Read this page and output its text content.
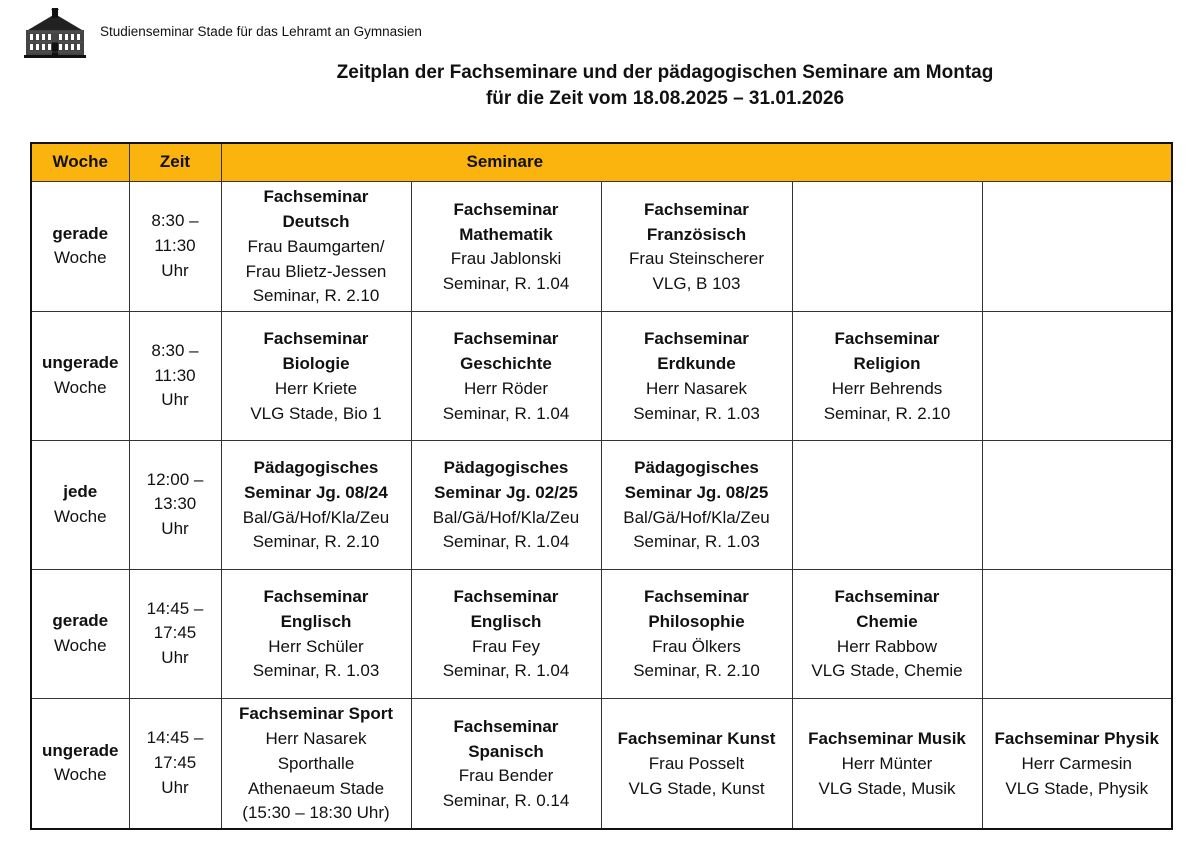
Studienseminar Stade für das Lehramt an Gymnasien
Zeitplan der Fachseminare und der pädagogischen Seminare am Montag
für die Zeit vom 18.08.2025 – 31.01.2026
Woche	Zeit	Seminare				

gerade
Woche	8:30 –
11:30
Uhr	Fachseminar
Deutsch
Frau Baumgarten/
Frau Blietz-Jessen
Seminar, R. 2.10	Fachseminar
Mathematik
Frau Jablonski
Seminar, R. 1.04	Fachseminar
Französisch
Frau Steinscherer
VLG, B 103		

ungerade
Woche	8:30 –
11:30
Uhr	Fachseminar
Biologie
Herr Kriete
VLG Stade, Bio 1	Fachseminar
Geschichte
Herr Röder
Seminar, R. 1.04	Fachseminar
Erdkunde
Herr Nasarek
Seminar, R. 1.03	Fachseminar
Religion
Herr Behrends
Seminar, R. 2.10	

jede
Woche	12:00 –
13:30
Uhr	Pädagogisches
Seminar Jg. 08/24
Bal/Gä/Hof/Kla/Zeu
Seminar, R. 2.10	Pädagogisches
Seminar Jg. 02/25
Bal/Gä/Hof/Kla/Zeu
Seminar, R. 1.04	Pädagogisches
Seminar Jg. 08/25
Bal/Gä/Hof/Kla/Zeu
Seminar, R. 1.03		

gerade
Woche	14:45 –
17:45
Uhr	Fachseminar
Englisch
Herr Schüler
Seminar, R. 1.03	Fachseminar
Englisch
Frau Fey
Seminar, R. 1.04	Fachseminar
Philosophie
Frau Ölkers
Seminar, R. 2.10	Fachseminar
Chemie
Herr Rabbow
VLG Stade, Chemie	

ungerade
Woche	14:45 –
17:45
Uhr	Fachseminar Sport
Herr Nasarek
Sporthalle
Athenaeum Stade
(15:30 – 18:30 Uhr)	Fachseminar
Spanisch
Frau Bender
Seminar, R. 0.14	Fachseminar Kunst
Frau Posselt
VLG Stade, Kunst	Fachseminar Musik
Herr Münter
VLG Stade, Musik	Fachseminar Physik
Herr Carmesin
VLG Stade, Physik
